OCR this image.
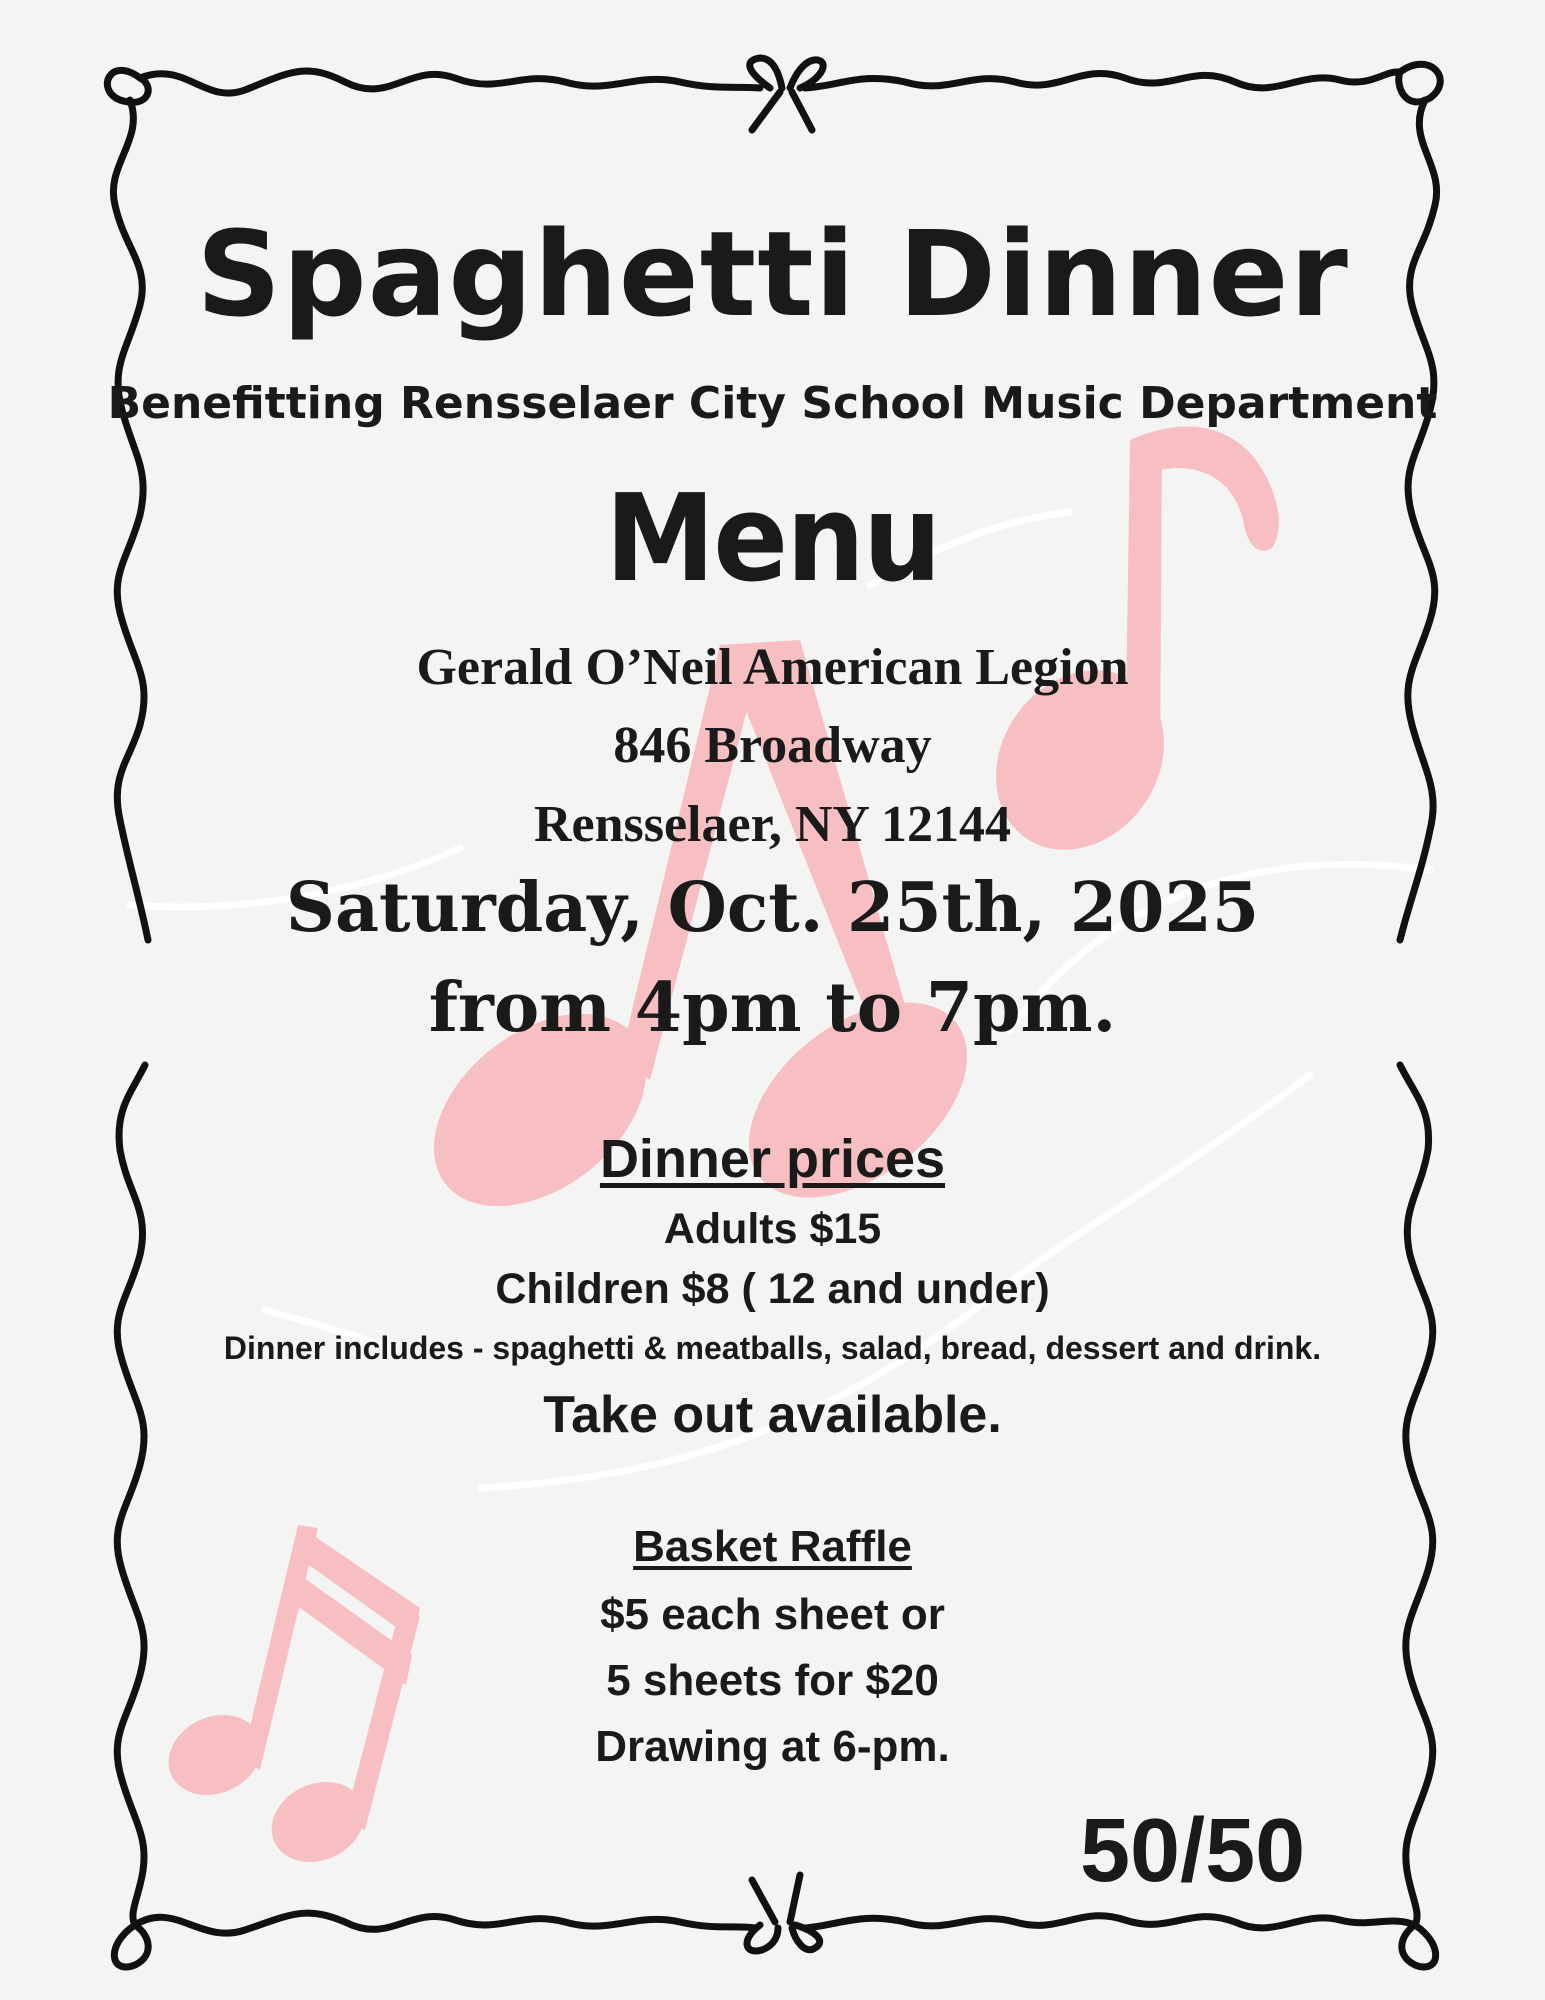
Spaghetti Dinner
Benefitting Rensselaer City School Music Department
Menu
Gerald O’Neil American Legion
846 Broadway
Rensselaer, NY 12144
Saturday, Oct. 25th, 2025
from 4pm to 7pm.
Dinner prices
Adults $15
Children $8 ( 12 and under)
Dinner includes - spaghetti & meatballs, salad, bread, dessert and drink.
Take out available.
Basket Raffle
$5 each sheet or
5 sheets for $20
Drawing at 6-pm.
50/50
